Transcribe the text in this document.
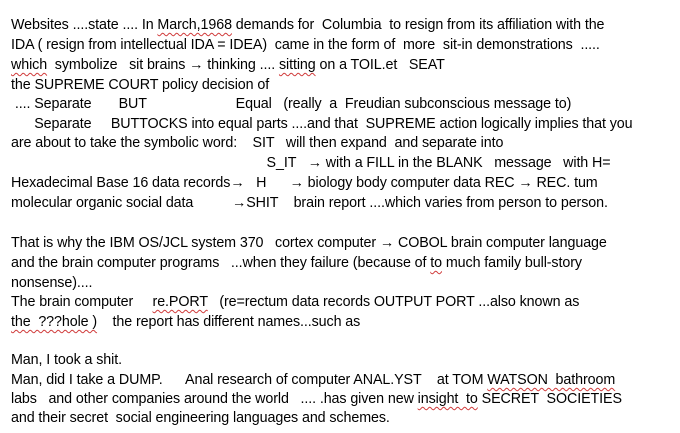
Websites ....state .... In March,1968 demands for  Columbia  to resign from its affiliation with the
IDA ( resign from intellectual IDA = IDEA)  came in the form of  more  sit-in demonstrations  .....
which  symbolize   sit brains → thinking .... sitting on a TOIL.et   SEAT
the SUPREME COURT policy decision of
.... Separate       BUT                       Equal   (really  a  Freudian subconscious message to)
Separate     BUTTOCKS into equal parts ....and that  SUPREME action logically implies that you
are about to take the symbolic word:    SIT   will then expand  and separate into
S_IT   → with a FILL in the BLANK   message   with H=
Hexadecimal Base 16 data records→   H      → biology body computer data REC → REC. tum
molecular organic social data          →SHIT    brain report ....which varies from person to person.
That is why the IBM OS/JCL system 370   cortex computer → COBOL brain computer language
and the brain computer programs   ...when they failure (because of to much family bull-story
nonsense)....
The brain computer     re.PORT   (re=rectum data records OUTPUT PORT ...also known as
the  ???hole )    the report has different names...such as
Man, I took a shit.
Man, did I take a DUMP.      Anal research of computer ANAL.YST    at TOM WATSON  bathroom
labs   and other companies around the world   .... .has given new insight  to SECRET  SOCIETIES
and their secret  social engineering languages and schemes.
